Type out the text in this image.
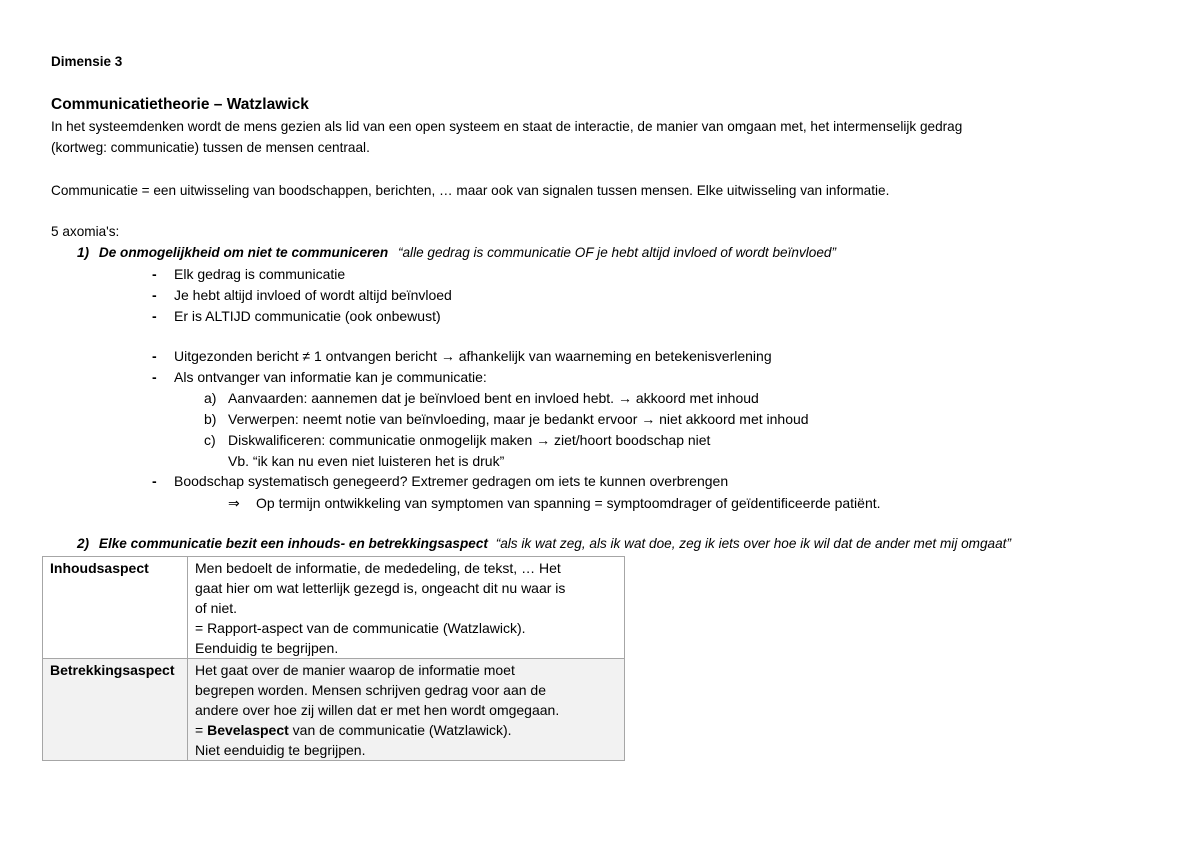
Dimensie 3
Communicatietheorie – Watzlawick
In het systeemdenken wordt de mens gezien als lid van een open systeem en staat de interactie, de manier van omgaan met, het intermenselijk gedrag
(kortweg: communicatie) tussen de mensen centraal.
Communicatie = een uitwisseling van boodschappen, berichten, … maar ook van signalen tussen mensen. Elke uitwisseling van informatie.
5 axomia's:
1) De onmogelijkheid om niet te communiceren “alle gedrag is communicatie OF je hebt altijd invloed of wordt beïnvloed”
- Elk gedrag is communicatie
- Je hebt altijd invloed of wordt altijd beïnvloed
- Er is ALTIJD communicatie (ook onbewust)
- Uitgezonden bericht ≠ 1 ontvangen bericht → afhankelijk van waarneming en betekenisverlening
- Als ontvanger van informatie kan je communicatie:
a) Aanvaarden: aannemen dat je beïnvloed bent en invloed hebt. → akkoord met inhoud
b) Verwerpen: neemt notie van beïnvloeding, maar je bedankt ervoor → niet akkoord met inhoud
c) Diskwalificeren: communicatie onmogelijk maken → ziet/hoort boodschap niet
Vb. “ik kan nu even niet luisteren het is druk”
- Boodschap systematisch genegeerd? Extremer gedragen om iets te kunnen overbrengen
⇒ Op termijn ontwikkeling van symptomen van spanning = symptoomdrager of geïdentificeerde patiënt.
2) Elke communicatie bezit een inhouds- en betrekkingsaspect “als ik wat zeg, als ik wat doe, zeg ik iets over hoe ik wil dat de ander met mij omgaat”
Inhoudsaspect	Men bedoelt de informatie, de mededeling, de tekst, … Het
gaat hier om wat letterlijk gezegd is, ongeacht dit nu waar is
of niet.
= Rapport-aspect van de communicatie (Watzlawick).
Eenduidig te begrijpen.

Betrekkingsaspect	Het gaat over de manier waarop de informatie moet
begrepen worden. Mensen schrijven gedrag voor aan de
andere over hoe zij willen dat er met hen wordt omgegaan.
= Bevelaspect van de communicatie (Watzlawick).
Niet eenduidig te begrijpen.
